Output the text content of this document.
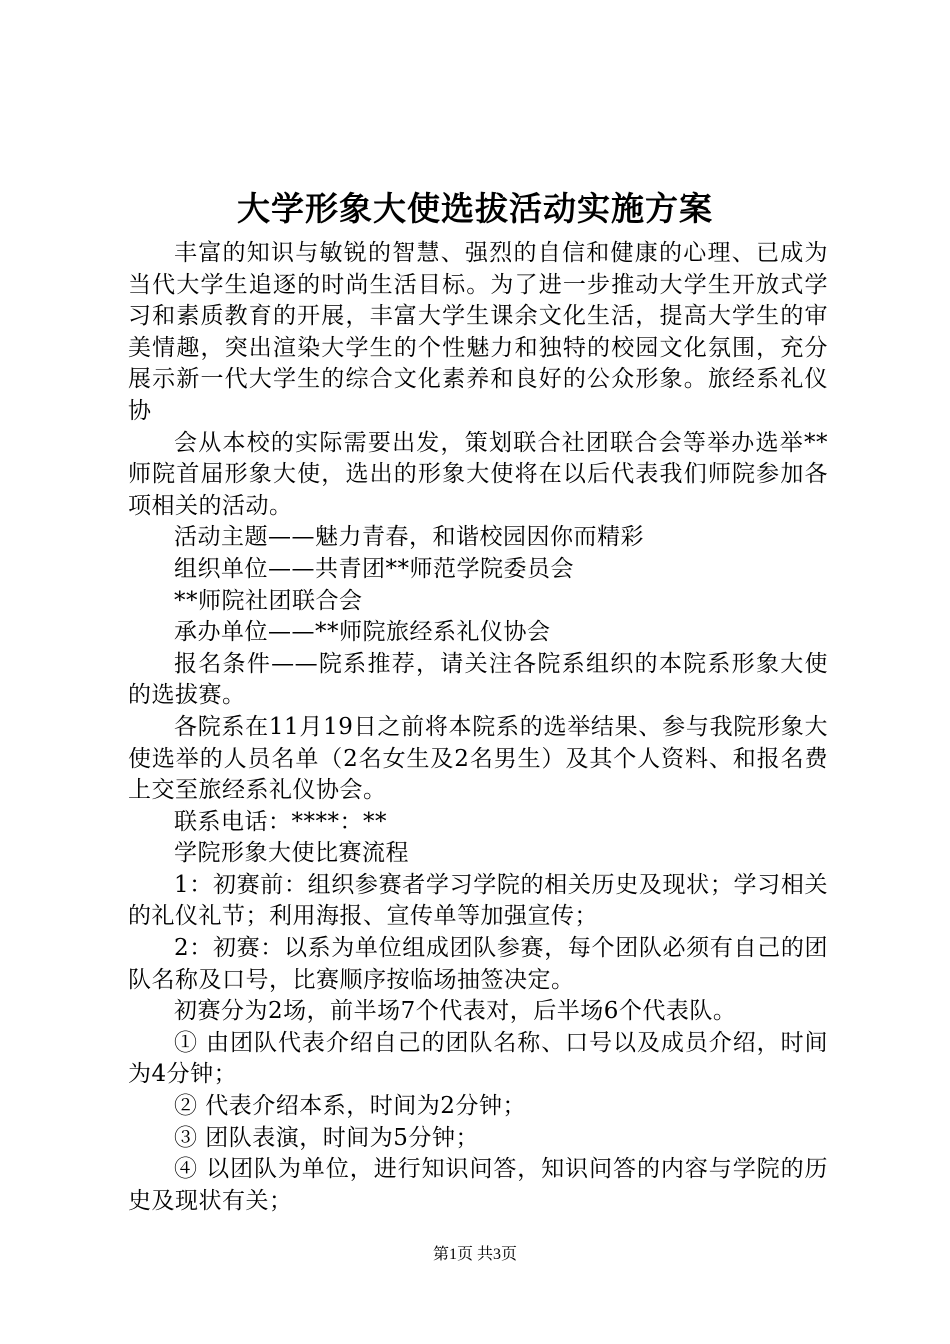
大学形象大使选拔活动实施方案

丰富的知识与敏锐的智慧、强烈的自信和健康的心理、已成为当代大学生追逐的时尚生活目标。为了进一步推动大学生开放式学习和素质教育的开展，丰富大学生课余文化生活，提高大学生的审美情趣，突出渲染大学生的个性魅力和独特的校园文化氛围，充分展示新一代大学生的综合文化素养和良好的公众形象。旅经系礼仪协

会从本校的实际需要出发，策划联合社团联合会等举办选举**师院首届形象大使，选出的形象大使将在以后代表我们师院参加各项相关的活动。

活动主题——魅力青春，和谐校园因你而精彩

组织单位——共青团**师范学院委员会

**师院社团联合会

承办单位——**师院旅经系礼仪协会

报名条件——院系推荐，请关注各院系组织的本院系形象大使的选拔赛。

各院系在11月19日之前将本院系的选举结果、参与我院形象大使选举的人员名单（2名女生及2名男生）及其个人资料、和报名费上交至旅经系礼仪协会。

联系电话：****：**

学院形象大使比赛流程

1：初赛前：组织参赛者学习学院的相关历史及现状；学习相关的礼仪礼节；利用海报、宣传单等加强宣传；

2：初赛：以系为单位组成团队参赛，每个团队必须有自己的团队名称及口号，比赛顺序按临场抽签决定。

初赛分为2场，前半场7个代表对，后半场6个代表队。

① 由团队代表介绍自己的团队名称、口号以及成员介绍，时间为4分钟；

② 代表介绍本系，时间为2分钟；

③ 团队表演，时间为5分钟；

④ 以团队为单位，进行知识问答，知识问答的内容与学院的历史及现状有关；

第1页 共3页
